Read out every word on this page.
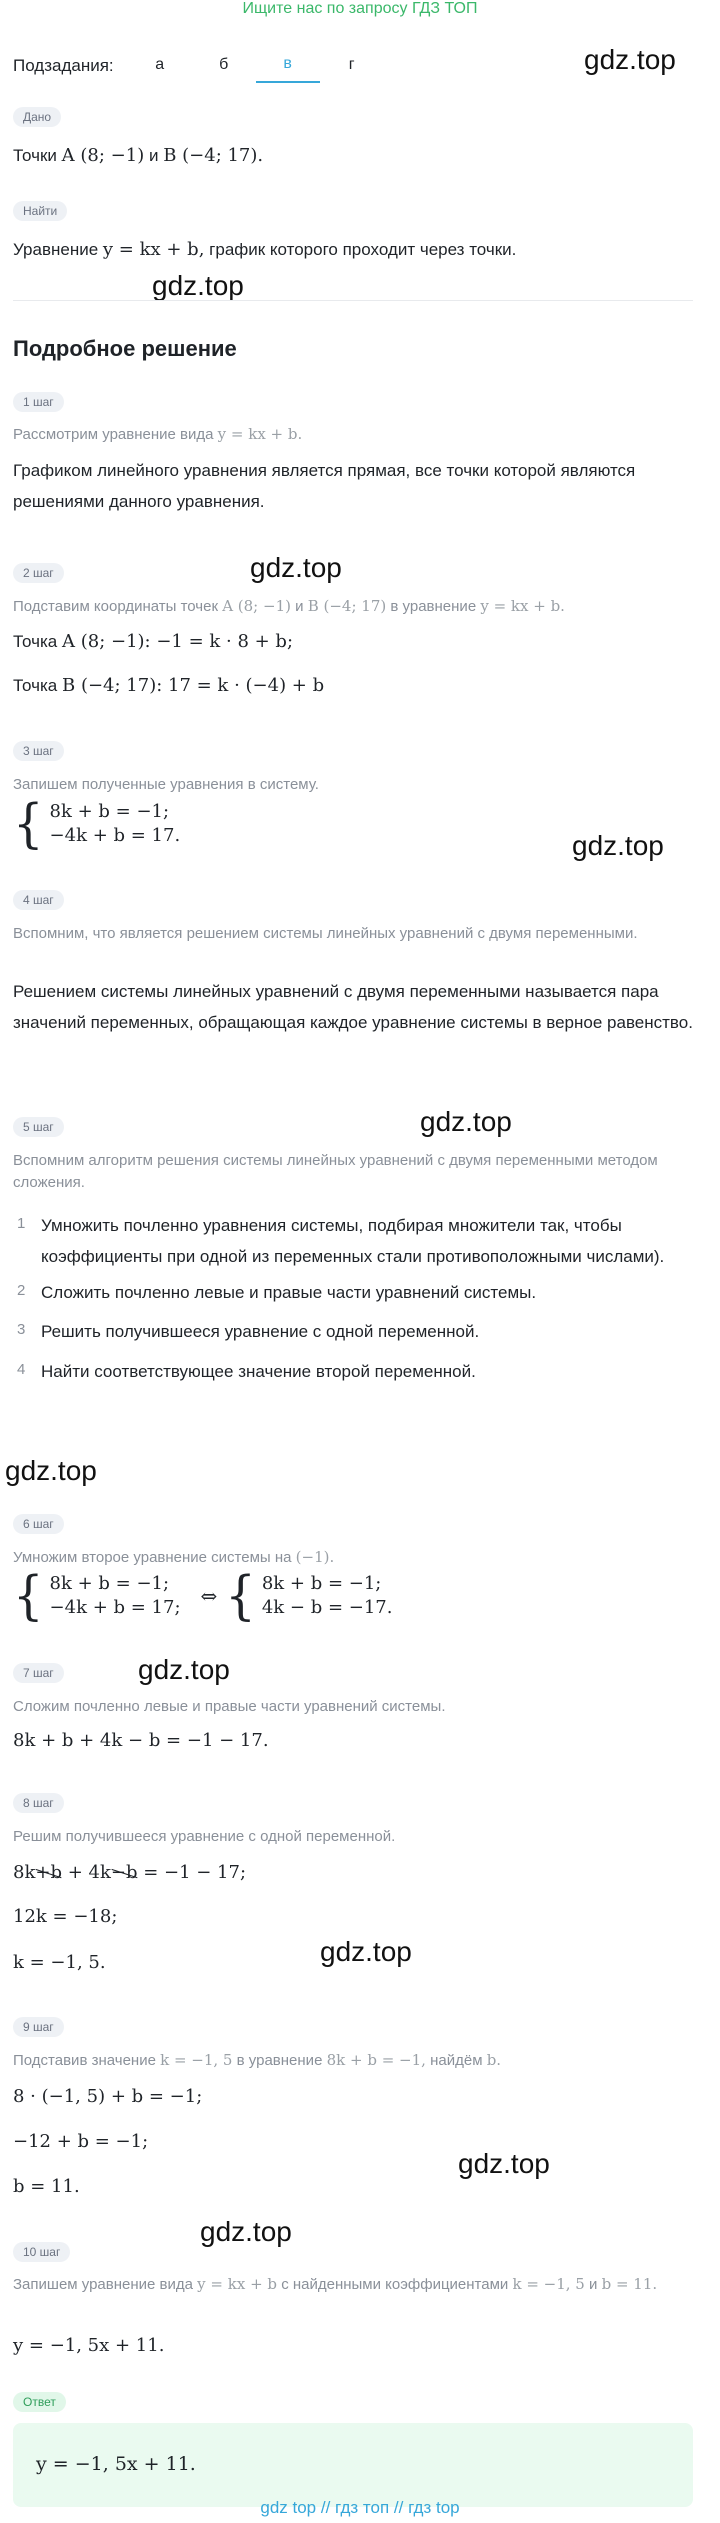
Ищите нас по запросу ГДЗ ТОП
Подзадания:	а	б	в	г	gdz.top
gdz.top
gdz.top
gdz.top
gdz.top
gdz.top
gdz.top
gdz.top
gdz.top
gdz.top
Дано
Точки A (8; −1) и B (−4; 17).
Найти
Уравнение y = kx + b, график которого проходит через точки.
Подробное решение
1 шаг
Рассмотрим уравнение вида y = kx + b.
Графиком линейного уравнения является прямая, все точки которой являются решениями данного уравнения.
2 шаг
Подставим координаты точек A (8; −1) и B (−4; 17) в уравнение y = kx + b.
Точка A (8; −1): −1 = k · 8 + b;
Точка B (−4; 17): 17 = k · (−4) + b
3 шаг
Запишем полученные уравнения в систему.
{ 8k + b = −1;
−4k + b = 17.
4 шаг
Вспомним, что является решением системы линейных уравнений с двумя переменными.
Решением системы линейных уравнений с двумя переменными называется пара значений переменных, обращающая каждое уравнение системы в верное равенство.
5 шаг
Вспомним алгоритм решения системы линейных уравнений с двумя переменными методом сложения.
1 Умножить почленно уравнения системы, подбирая множители так, чтобы коэффициенты при одной из переменных стали противоположными числами).
2 Сложить почленно левые и правые части уравнений системы.
3 Решить получившееся уравнение с одной переменной.
4 Найти соответствующее значение второй переменной.
6 шаг
Умножим второе уравнение системы на (−1).
{ 8k + b = −1;
−4k + b = 17; ⇔ { 8k + b = −1;
4k − b = −17.
7 шаг
Сложим почленно левые и правые части уравнений системы.
8k + b + 4k − b = −1 − 17.
8 шаг
Решим получившееся уравнение с одной переменной.
8k+b + 4k−b = −1 − 17;
12k = −18;
k = −1, 5.
9 шаг
Подставив значение k = −1, 5 в уравнение 8k + b = −1, найдём b.
8 · (−1, 5) + b = −1;
−12 + b = −1;
b = 11.
10 шаг
Запишем уравнение вида y = kx + b с найденными коэффициентами k = −1, 5 и b = 11.
y = −1, 5x + 11.
Ответ
y = −1, 5x + 11.
gdz top // гдз топ // гдз top
